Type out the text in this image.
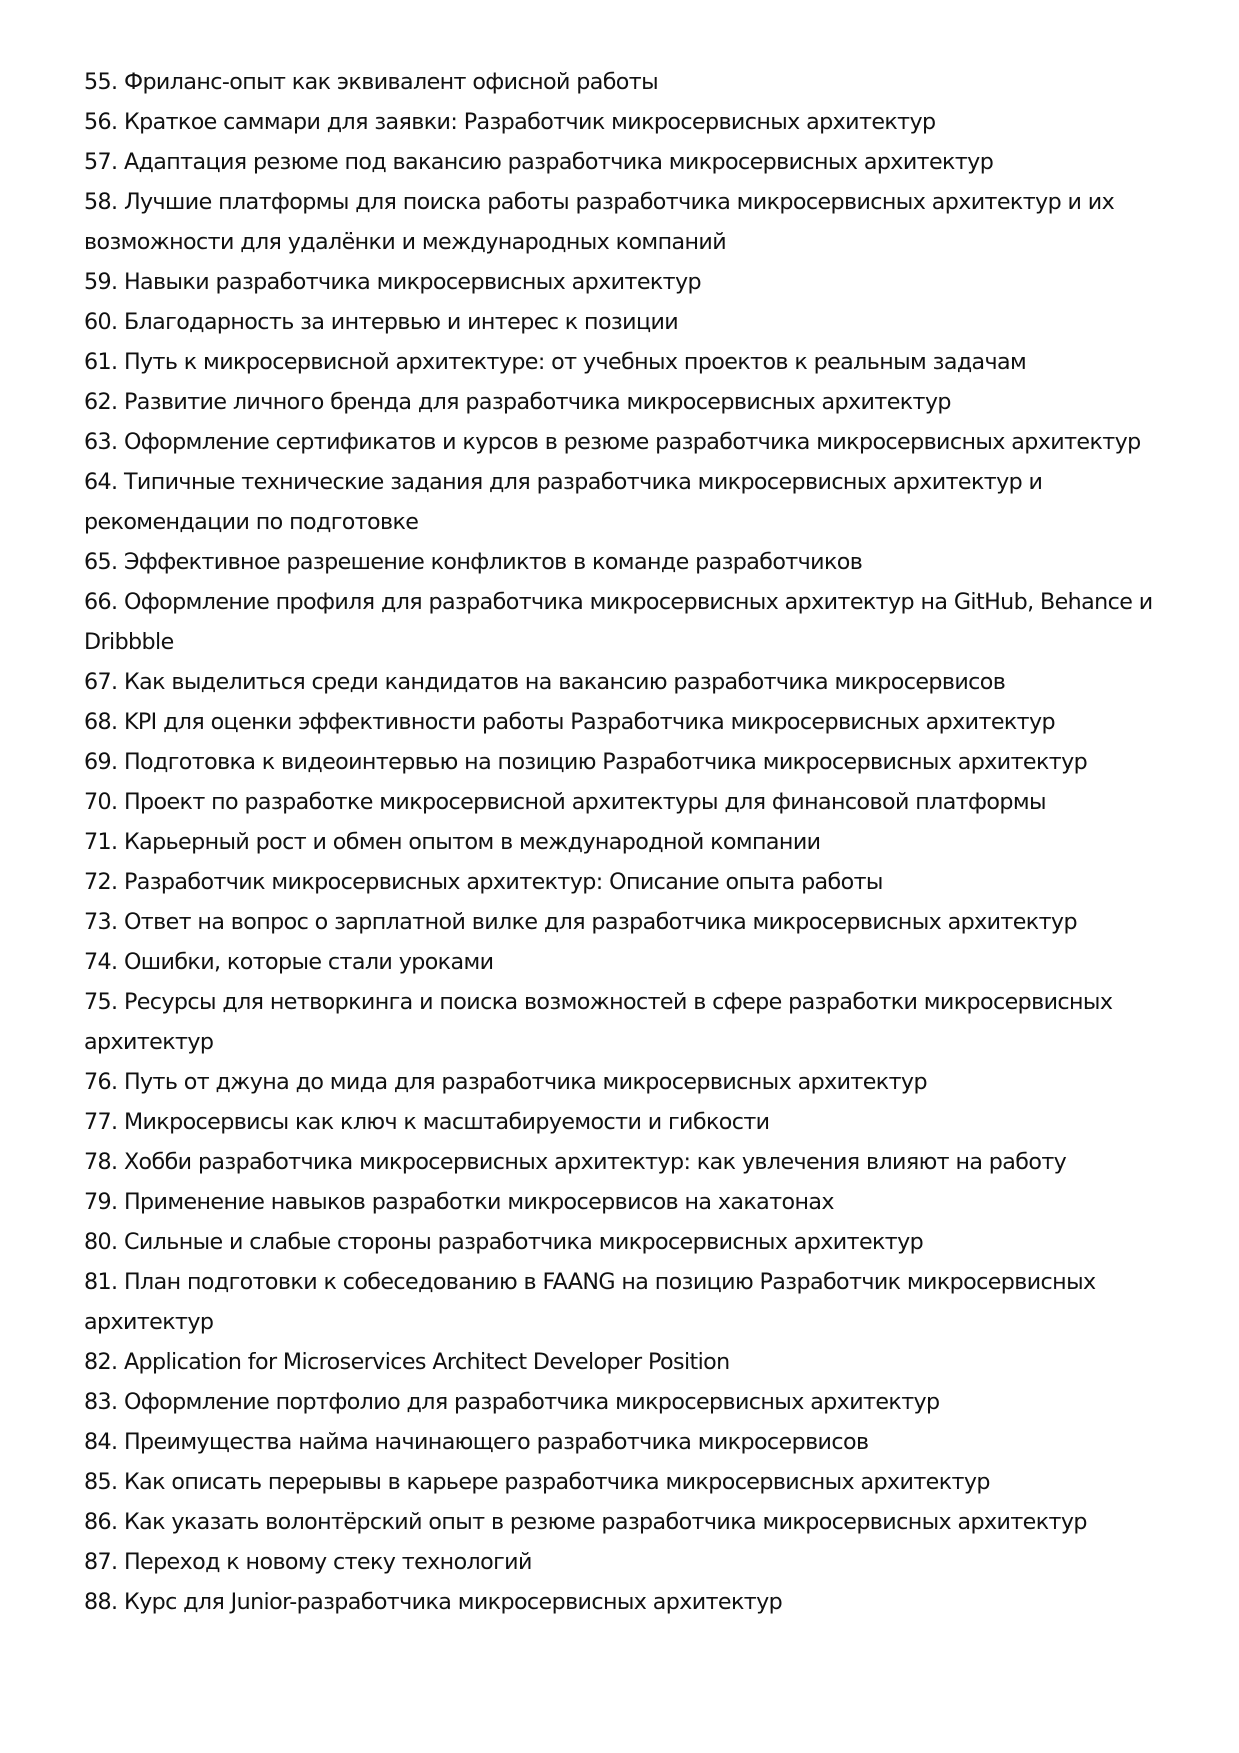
55. Фриланс-опыт как эквивалент офисной работы
56. Краткое саммари для заявки: Разработчик микросервисных архитектур
57. Адаптация резюме под вакансию разработчика микросервисных архитектур
58. Лучшие платформы для поиска работы разработчика микросервисных архитектур и их возможности для удалёнки и международных компаний
59. Навыки разработчика микросервисных архитектур
60. Благодарность за интервью и интерес к позиции
61. Путь к микросервисной архитектуре: от учебных проектов к реальным задачам
62. Развитие личного бренда для разработчика микросервисных архитектур
63. Оформление сертификатов и курсов в резюме разработчика микросервисных архитектур
64. Типичные технические задания для разработчика микросервисных архитектур и рекомендации по подготовке
65. Эффективное разрешение конфликтов в команде разработчиков
66. Оформление профиля для разработчика микросервисных архитектур на GitHub, Behance и Dribbble
67. Как выделиться среди кандидатов на вакансию разработчика микросервисов
68. KPI для оценки эффективности работы Разработчика микросервисных архитектур
69. Подготовка к видеоинтервью на позицию Разработчика микросервисных архитектур
70. Проект по разработке микросервисной архитектуры для финансовой платформы
71. Карьерный рост и обмен опытом в международной компании
72. Разработчик микросервисных архитектур: Описание опыта работы
73. Ответ на вопрос о зарплатной вилке для разработчика микросервисных архитектур
74. Ошибки, которые стали уроками
75. Ресурсы для нетворкинга и поиска возможностей в сфере разработки микросервисных архитектур
76. Путь от джуна до мида для разработчика микросервисных архитектур
77. Микросервисы как ключ к масштабируемости и гибкости
78. Хобби разработчика микросервисных архитектур: как увлечения влияют на работу
79. Применение навыков разработки микросервисов на хакатонах
80. Сильные и слабые стороны разработчика микросервисных архитектур
81. План подготовки к собеседованию в FAANG на позицию Разработчик микросервисных архитектур
82. Application for Microservices Architect Developer Position
83. Оформление портфолио для разработчика микросервисных архитектур
84. Преимущества найма начинающего разработчика микросервисов
85. Как описать перерывы в карьере разработчика микросервисных архитектур
86. Как указать волонтёрский опыт в резюме разработчика микросервисных архитектур
87. Переход к новому стеку технологий
88. Курс для Junior-разработчика микросервисных архитектур
